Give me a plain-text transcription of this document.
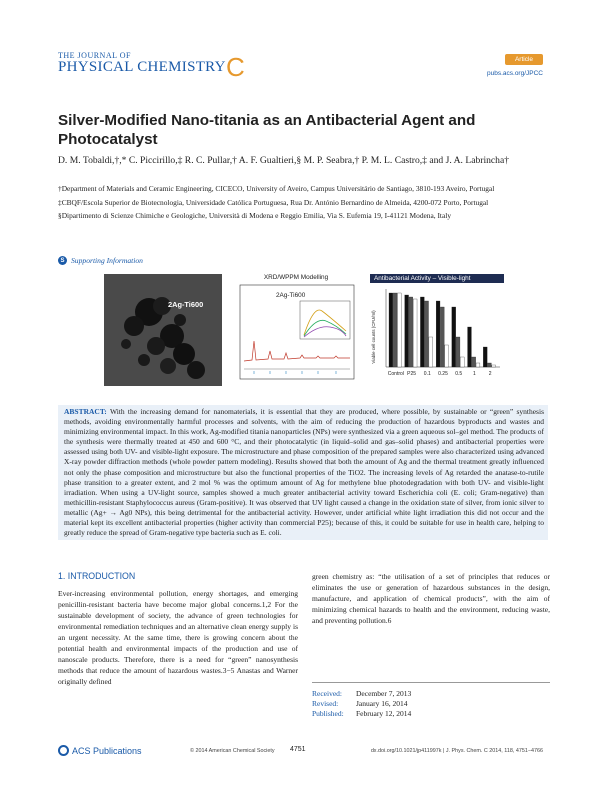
THE JOURNAL OF
PHYSICAL CHEMISTRY C	Article
pubs.acs.org/JPCC
Silver-Modified Nano-titania as an Antibacterial Agent and Photocatalyst
D. M. Tobaldi,†,* C. Piccirillo,‡ R. C. Pullar,† A. F. Gualtieri,§ M. P. Seabra,† P. M. L. Castro,‡ and J. A. Labrincha†

†Department of Materials and Ceramic Engineering, CICECO, University of Aveiro, Campus Universitário de Santiago, 3810-193 Aveiro, Portugal

‡CBQF/Escola Superior de Biotecnologia, Universidade Católica Portuguesa, Rua Dr. António Bernardino de Almeida, 4200-072 Porto, Portugal

§Dipartimento di Scienze Chimiche e Geologiche, Università di Modena e Reggio Emilia, Via S. Eufemia 19, I-41121 Modena, Italy

S Supporting Information
2Ag-Ti600
XRD/WPPM Modelling
2Ag-Ti600
Antibacterial Activity – Visible-light
Viable cell counts (CFU/ml)
Control P25 0.1 0.25 0.5 1	2
ABSTRACT: With the increasing demand for nanomaterials, it is essential that they are produced, where possible, by sustainable or “green” synthesis methods, avoiding environmentally harmful processes and solvents, with the aim of reducing the production of hazardous byproducts and wastes and minimizing environmental impact. In this work, Ag-modified titania nanoparticles (NPs) were synthesized via a green aqueous sol–gel method. The products of the synthesis were thermally treated at 450 and 600 °C, and their photocatalytic (in liquid–solid and gas–solid phases) and antibacterial properties were assessed using both UV- and visible-light exposure. The microstructure and phase composition of the prepared samples were also characterized using advanced X-ray powder diffraction methods (whole powder pattern modeling). Results showed that both the amount of Ag and the thermal treatment greatly influenced not only the phase composition and microstructure but also the functional properties of the TiO2. The increasing levels of Ag retarded the anatase-to-rutile phase transition to a greater extent, and 2 mol % was the optimum amount of Ag for methylene blue photodegradation with both UV- and visible-light irradiation. When using a UV-light source, samples showed a much greater antibacterial activity toward Escherichia coli (E. coli; Gram-negative) than methicillin-resistant Staphylococcus aureus (Gram-positive). It was observed that UV light caused a change in the oxidation state of silver, from ionic silver to metallic (Ag+ → Ag0 NPs), this being detrimental for the antibacterial activity. However, under artificial white light irradiation this did not occur and the material kept its excellent antibacterial properties (higher activity than commercial P25); because of this, it could be suitable for use in health care, helping to greatly reduce the spread of Gram-negative type bacteria such as E. coli.
1. INTRODUCTION
Ever-increasing environmental pollution, energy shortages, and emerging penicillin-resistant bacteria have become major global concerns.1,2 For the sustainable development of society, the advance of green technologies for environmental remediation techniques and an alternative clean energy supply is an urgent necessity. At the same time, there is growing concern about the potential health and environmental impacts of the production and use of nanoscale products. Therefore, there is a need for “green” nanosynthesis methods that reduce the amount of hazardous wastes.3−5 Anastas and Warner originally defined
green chemistry as: “the utilisation of a set of principles that reduces or eliminates the use or generation of hazardous substances in the design, manufacture, and application of chemical products”, with the aim of minimizing chemical hazards to health and the environment, reducing waste, and preventing pollution.6
Received: December 7, 2013
Revised: January 16, 2014
Published: February 12, 2014
ACS Publications	© 2014 American Chemical Society 4751	dx.doi.org/10.1021/jp411997k | J. Phys. Chem. C 2014, 118, 4751−4766
